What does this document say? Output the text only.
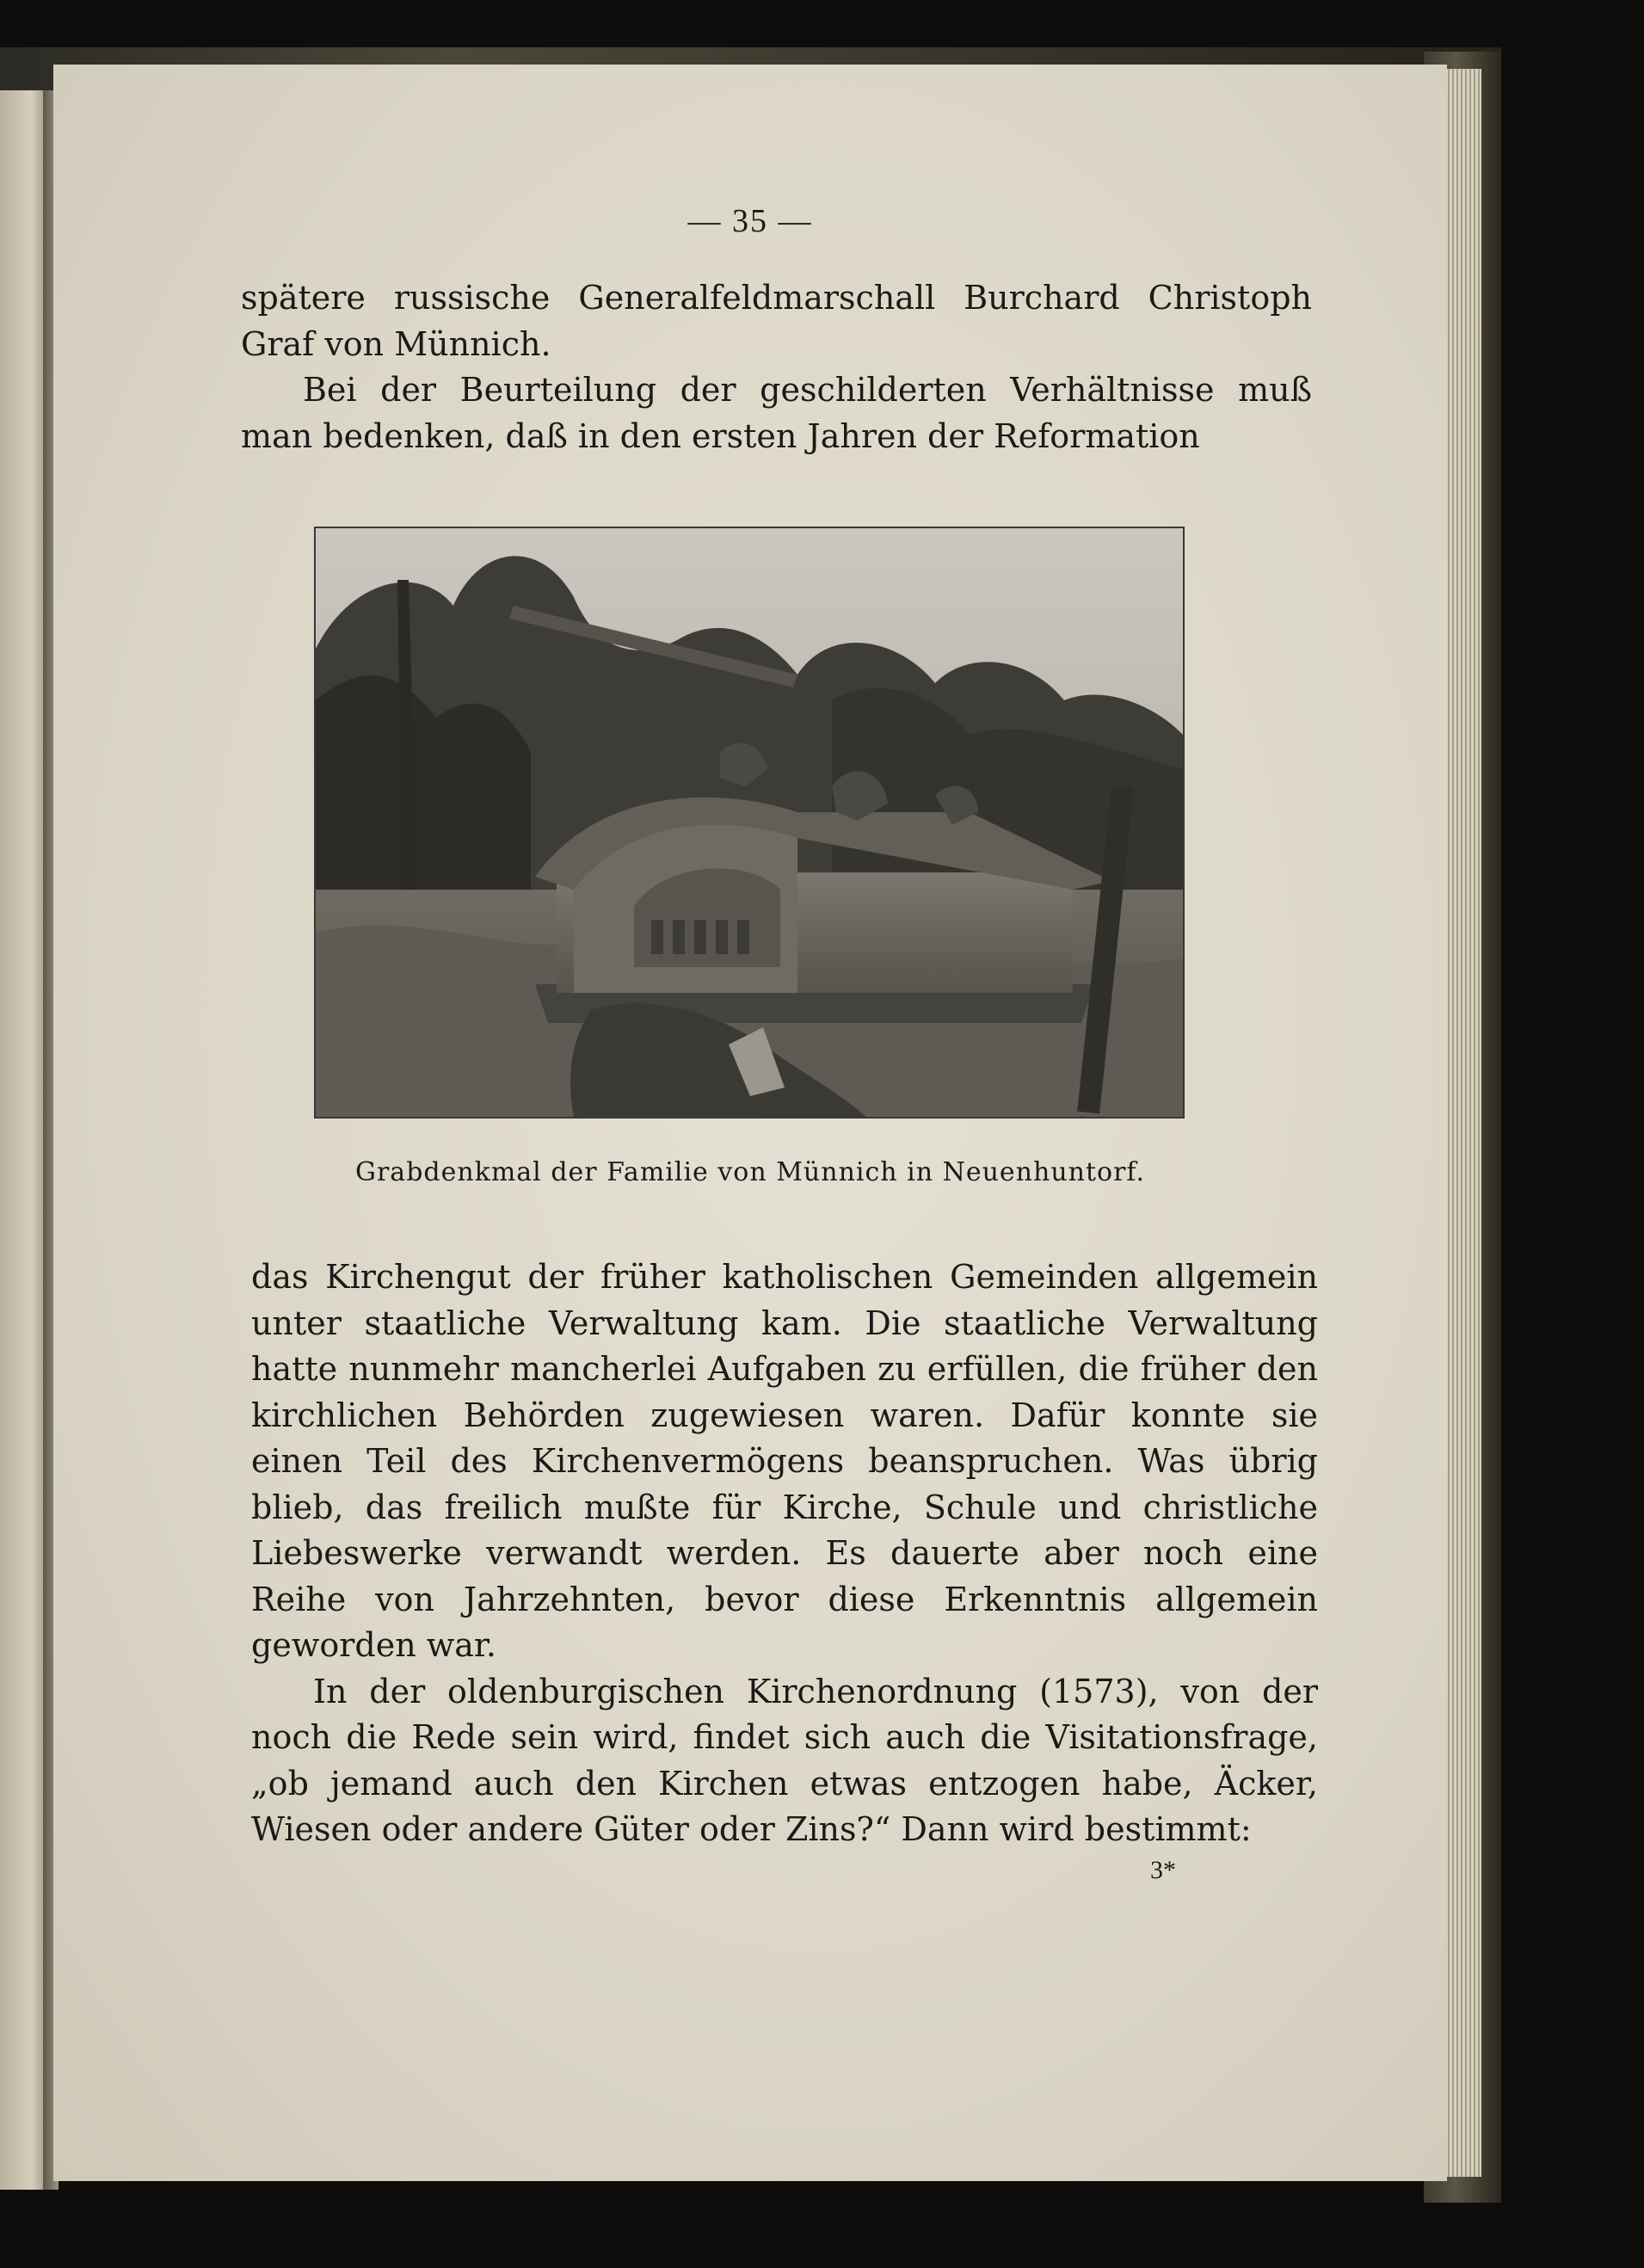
— 35 —

spätere russische Generalfeldmarschall Burchard Christoph Graf von Münnich.

Bei der Beurteilung der geschilderten Verhältnisse muß man bedenken, daß in den ersten Jahren der Reformation

Grabdenkmal der Familie von Münnich in Neuenhuntorf.

das Kirchengut der früher katholischen Gemeinden allgemein unter staatliche Verwaltung kam. Die staatliche Verwaltung hatte nunmehr mancherlei Aufgaben zu erfüllen, die früher den kirchlichen Behörden zugewiesen waren. Dafür konnte sie einen Teil des Kirchenvermögens beanspruchen. Was übrig blieb, das freilich mußte für Kirche, Schule und christliche Liebeswerke verwandt werden. Es dauerte aber noch eine Reihe von Jahrzehnten, bevor diese Erkenntnis allgemein geworden war.

In der oldenburgischen Kirchenordnung (1573), von der noch die Rede sein wird, findet sich auch die Visitationsfrage, „ob jemand auch den Kirchen etwas entzogen habe, Äcker, Wiesen oder andere Güter oder Zins?“ Dann wird bestimmt:

3*
